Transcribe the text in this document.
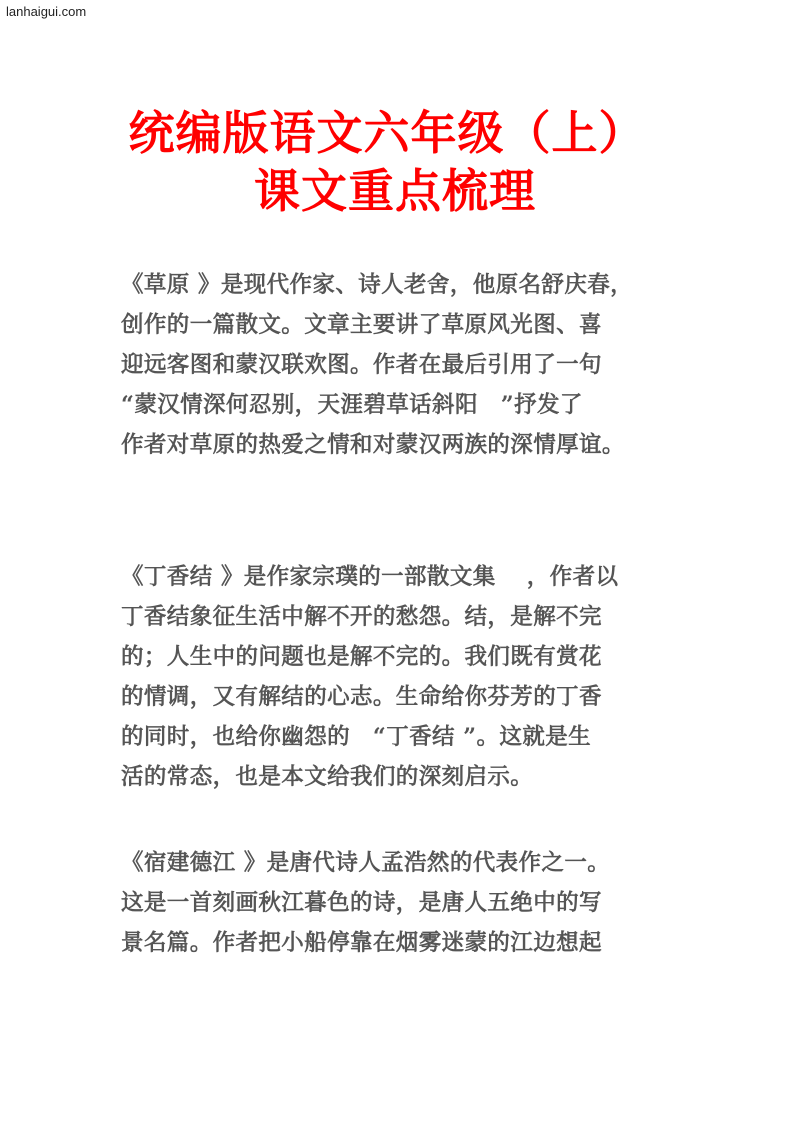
lanhaigui.com
统编版语文六年级（上）
课文重点梳理
《草原 》是现代作家、诗人老舍，他原名舒庆春，
创作的一篇散文。文章主要讲了草原风光图、喜
迎远客图和蒙汉联欢图。作者在最后引用了一句
“蒙汉情深何忍别，天涯碧草话斜阳　”抒发了
作者对草原的热爱之情和对蒙汉两族的深情厚谊。
《丁香结 》是作家宗璞的一部散文集　 ，作者以
丁香结象征生活中解不开的愁怨。结，是解不完
的；人生中的问题也是解不完的。我们既有赏花
的情调，又有解结的心志。生命给你芬芳的丁香
的同时，也给你幽怨的　“丁香结 ”。这就是生
活的常态，也是本文给我们的深刻启示。
《宿建德江 》是唐代诗人孟浩然的代表作之一。
这是一首刻画秋江暮色的诗，是唐人五绝中的写
景名篇。作者把小船停靠在烟雾迷蒙的江边想起
